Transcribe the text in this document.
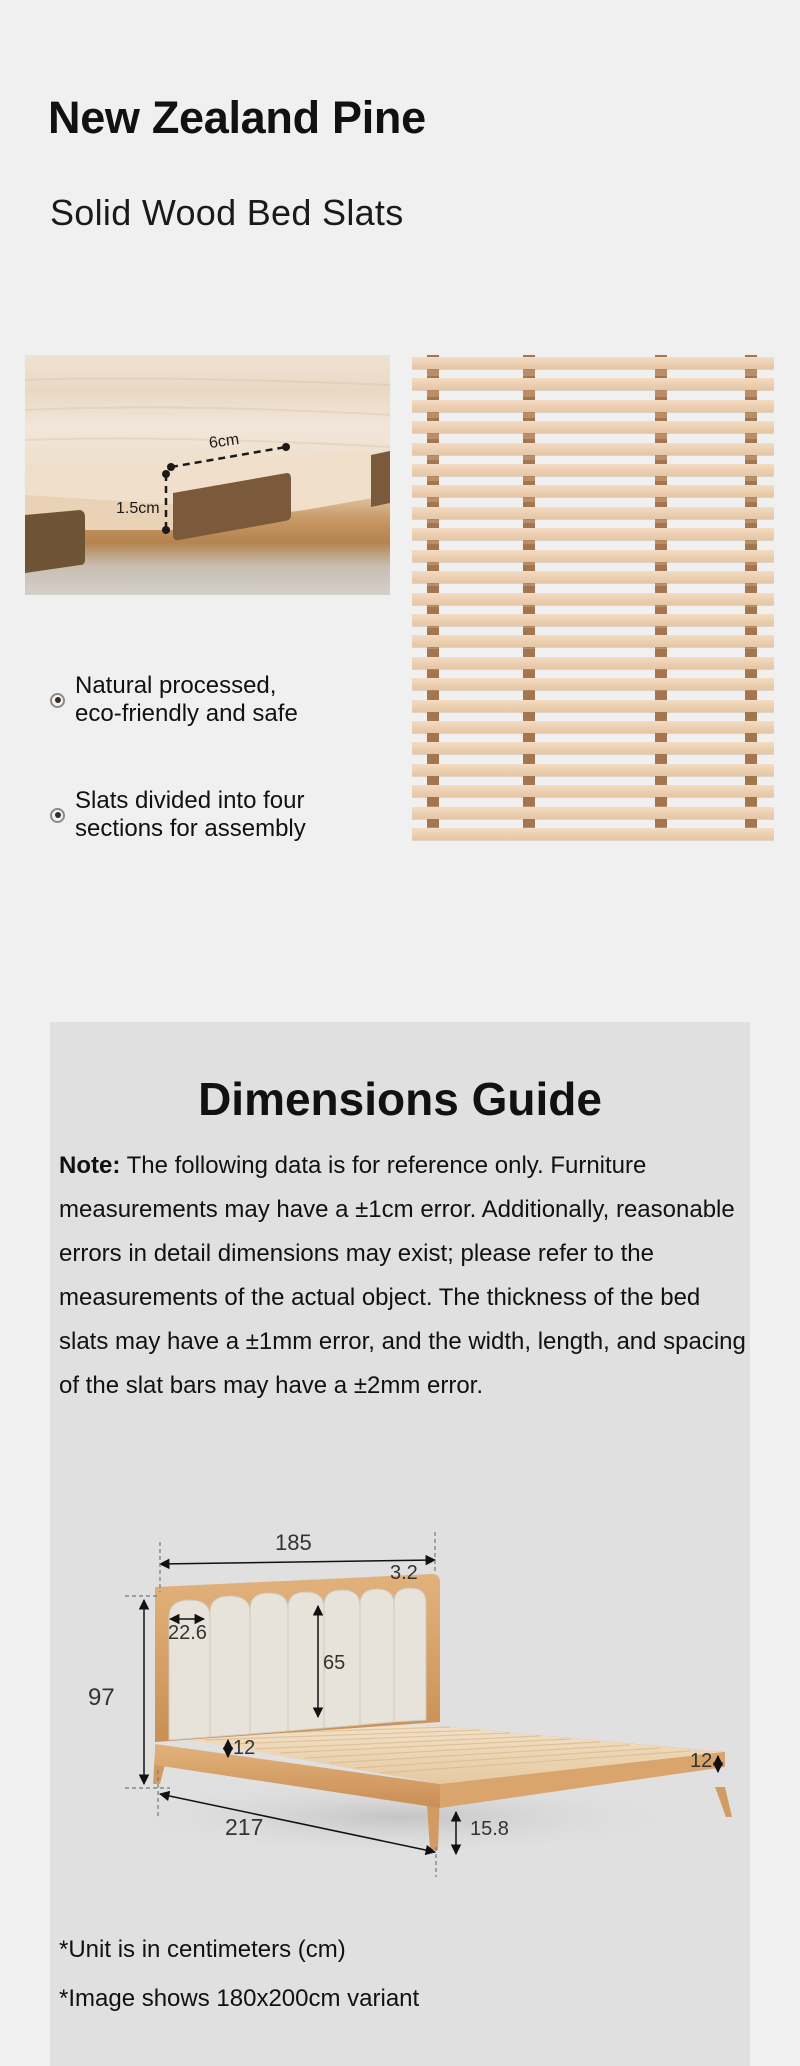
New Zealand Pine
Solid Wood Bed Slats
6cm
1.5cm
Natural processed,
eco-friendly and safe
Slats divided into four
sections for assembly
Dimensions Guide

Note: The following data is for reference only. Furniture measurements may have a ±1cm error. Additionally, reasonable errors in detail dimensions may exist; please refer to the measurements of the actual object. The thickness of the bed slats may have a ±1mm error, and the width, length, and spacing of the slat bars may have a ±2mm error.

185
3.2
22.6
65
97
12
12
217	15.8
*Unit is in centimeters (cm)
*Image shows 180x200cm variant
